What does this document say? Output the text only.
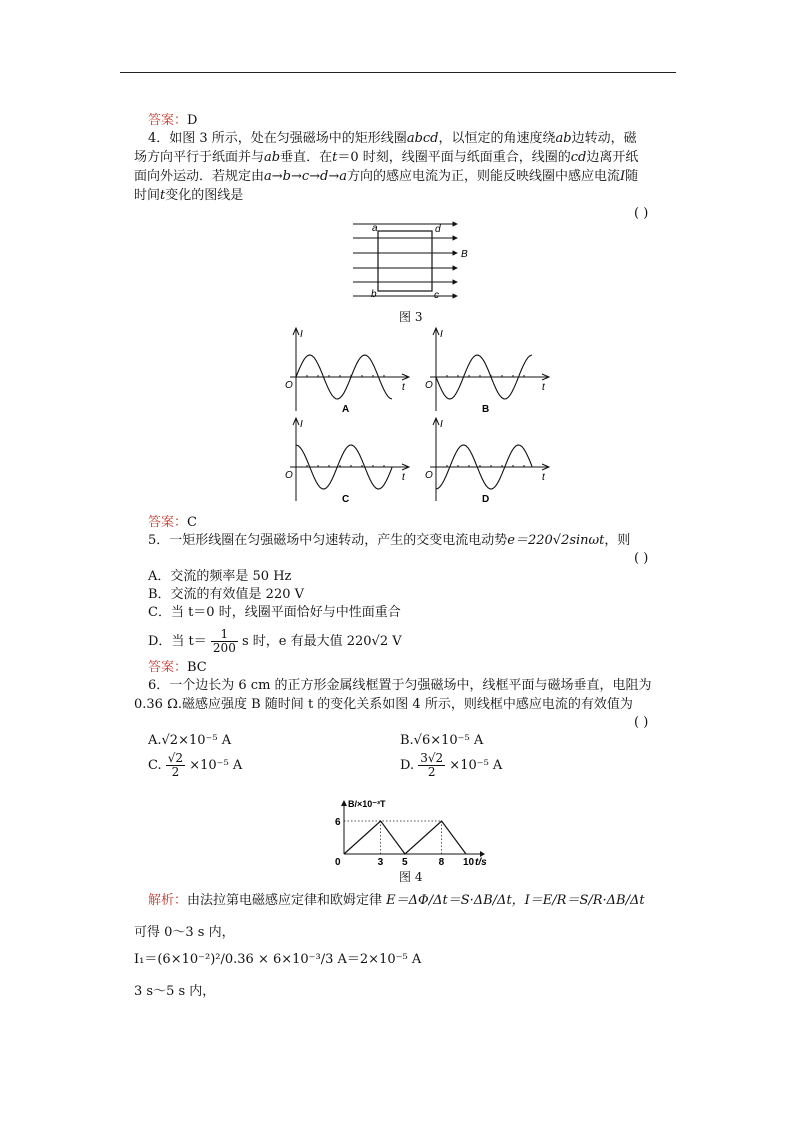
答案：D
4．如图 3 所示，处在匀强磁场中的矩形线圈abcd，以恒定的角速度绕ab边转动，磁
场方向平行于纸面并与ab垂直．在t＝0 时刻，线圈平面与纸面重合，线圈的cd边离开纸
面向外运动．若规定由a→b→c→d→a方向的感应电流为正，则能反映线圈中感应电流I随
时间t变化的图线是
( )
a	d
b	c
B
图 3
I
t
O
A
I
t
O
B
I
t
O
C
I
t
O
D
答案：C
5．一矩形线圈在匀强磁场中匀速转动，产生的交变电流电动势e＝220√2sinωt，则
( )
A．交流的频率是 50 Hz
B．交流的有效值是 220 V
C．当 t＝0 时，线圈平面恰好与中性面重合
D．当 $t= \frac{1}{200}$ s 时，e 有最大值 220√2 V
答案：BC
6．一个边长为 6 cm 的正方形金属线框置于匀强磁场中，线框平面与磁场垂直，电阻为
0.36 Ω.磁感应强度 B 随时间 t 的变化关系如图 4 所示，则线框中感应电流的有效值为
( )
A.√2×10⁻⁵ A	B.√6×10⁻⁵ A
C. $\frac{√2}{2} \times 10^{-5}$ A	D. $\frac{3√2}{2} \times 10^{-5}$ A
6
0	3 5	8 10
B/×10⁻³T
t/s
图 4
解析：由法拉第电磁感应定律和欧姆定律 E＝ΔΦ/Δt＝S·ΔB/Δt，I＝E/R＝S/R·ΔB/Δt
可得 0～3 s 内，
I₁＝(6×10⁻²)²/0.36 × 6×10⁻³/3 A＝2×10⁻⁵ A
3 s～5 s 内，
